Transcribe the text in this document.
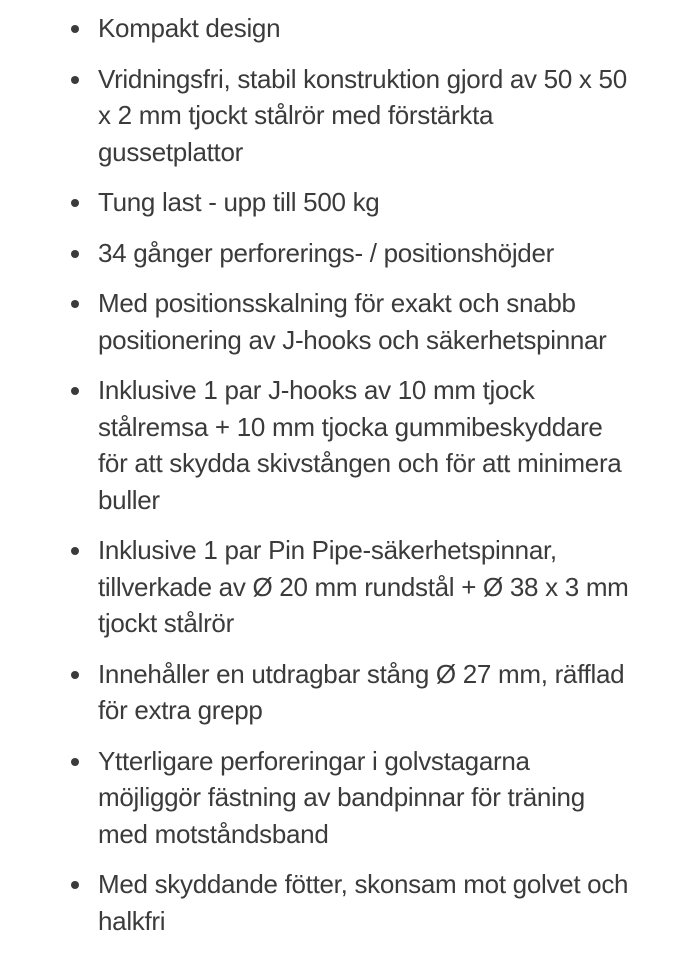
Kompakt design
Vridningsfri, stabil konstruktion gjord av 50 x 50
x 2 mm tjockt stålrör med förstärkta
gussetplattor
Tung last - upp till 500 kg
34 gånger perforerings- / positionshöjder
Med positionsskalning för exakt och snabb
positionering av J-hooks och säkerhetspinnar
Inklusive 1 par J-hooks av 10 mm tjock
stålremsa + 10 mm tjocka gummibeskyddare
för att skydda skivstången och för att minimera
buller
Inklusive 1 par Pin Pipe-säkerhetspinnar,
tillverkade av Ø 20 mm rundstål + Ø 38 x 3 mm
tjockt stålrör
Innehåller en utdragbar stång Ø 27 mm, räfflad
för extra grepp
Ytterligare perforeringar i golvstagarna
möjliggör fästning av bandpinnar för träning
med motståndsband
Med skyddande fötter, skonsam mot golvet och
halkfri
